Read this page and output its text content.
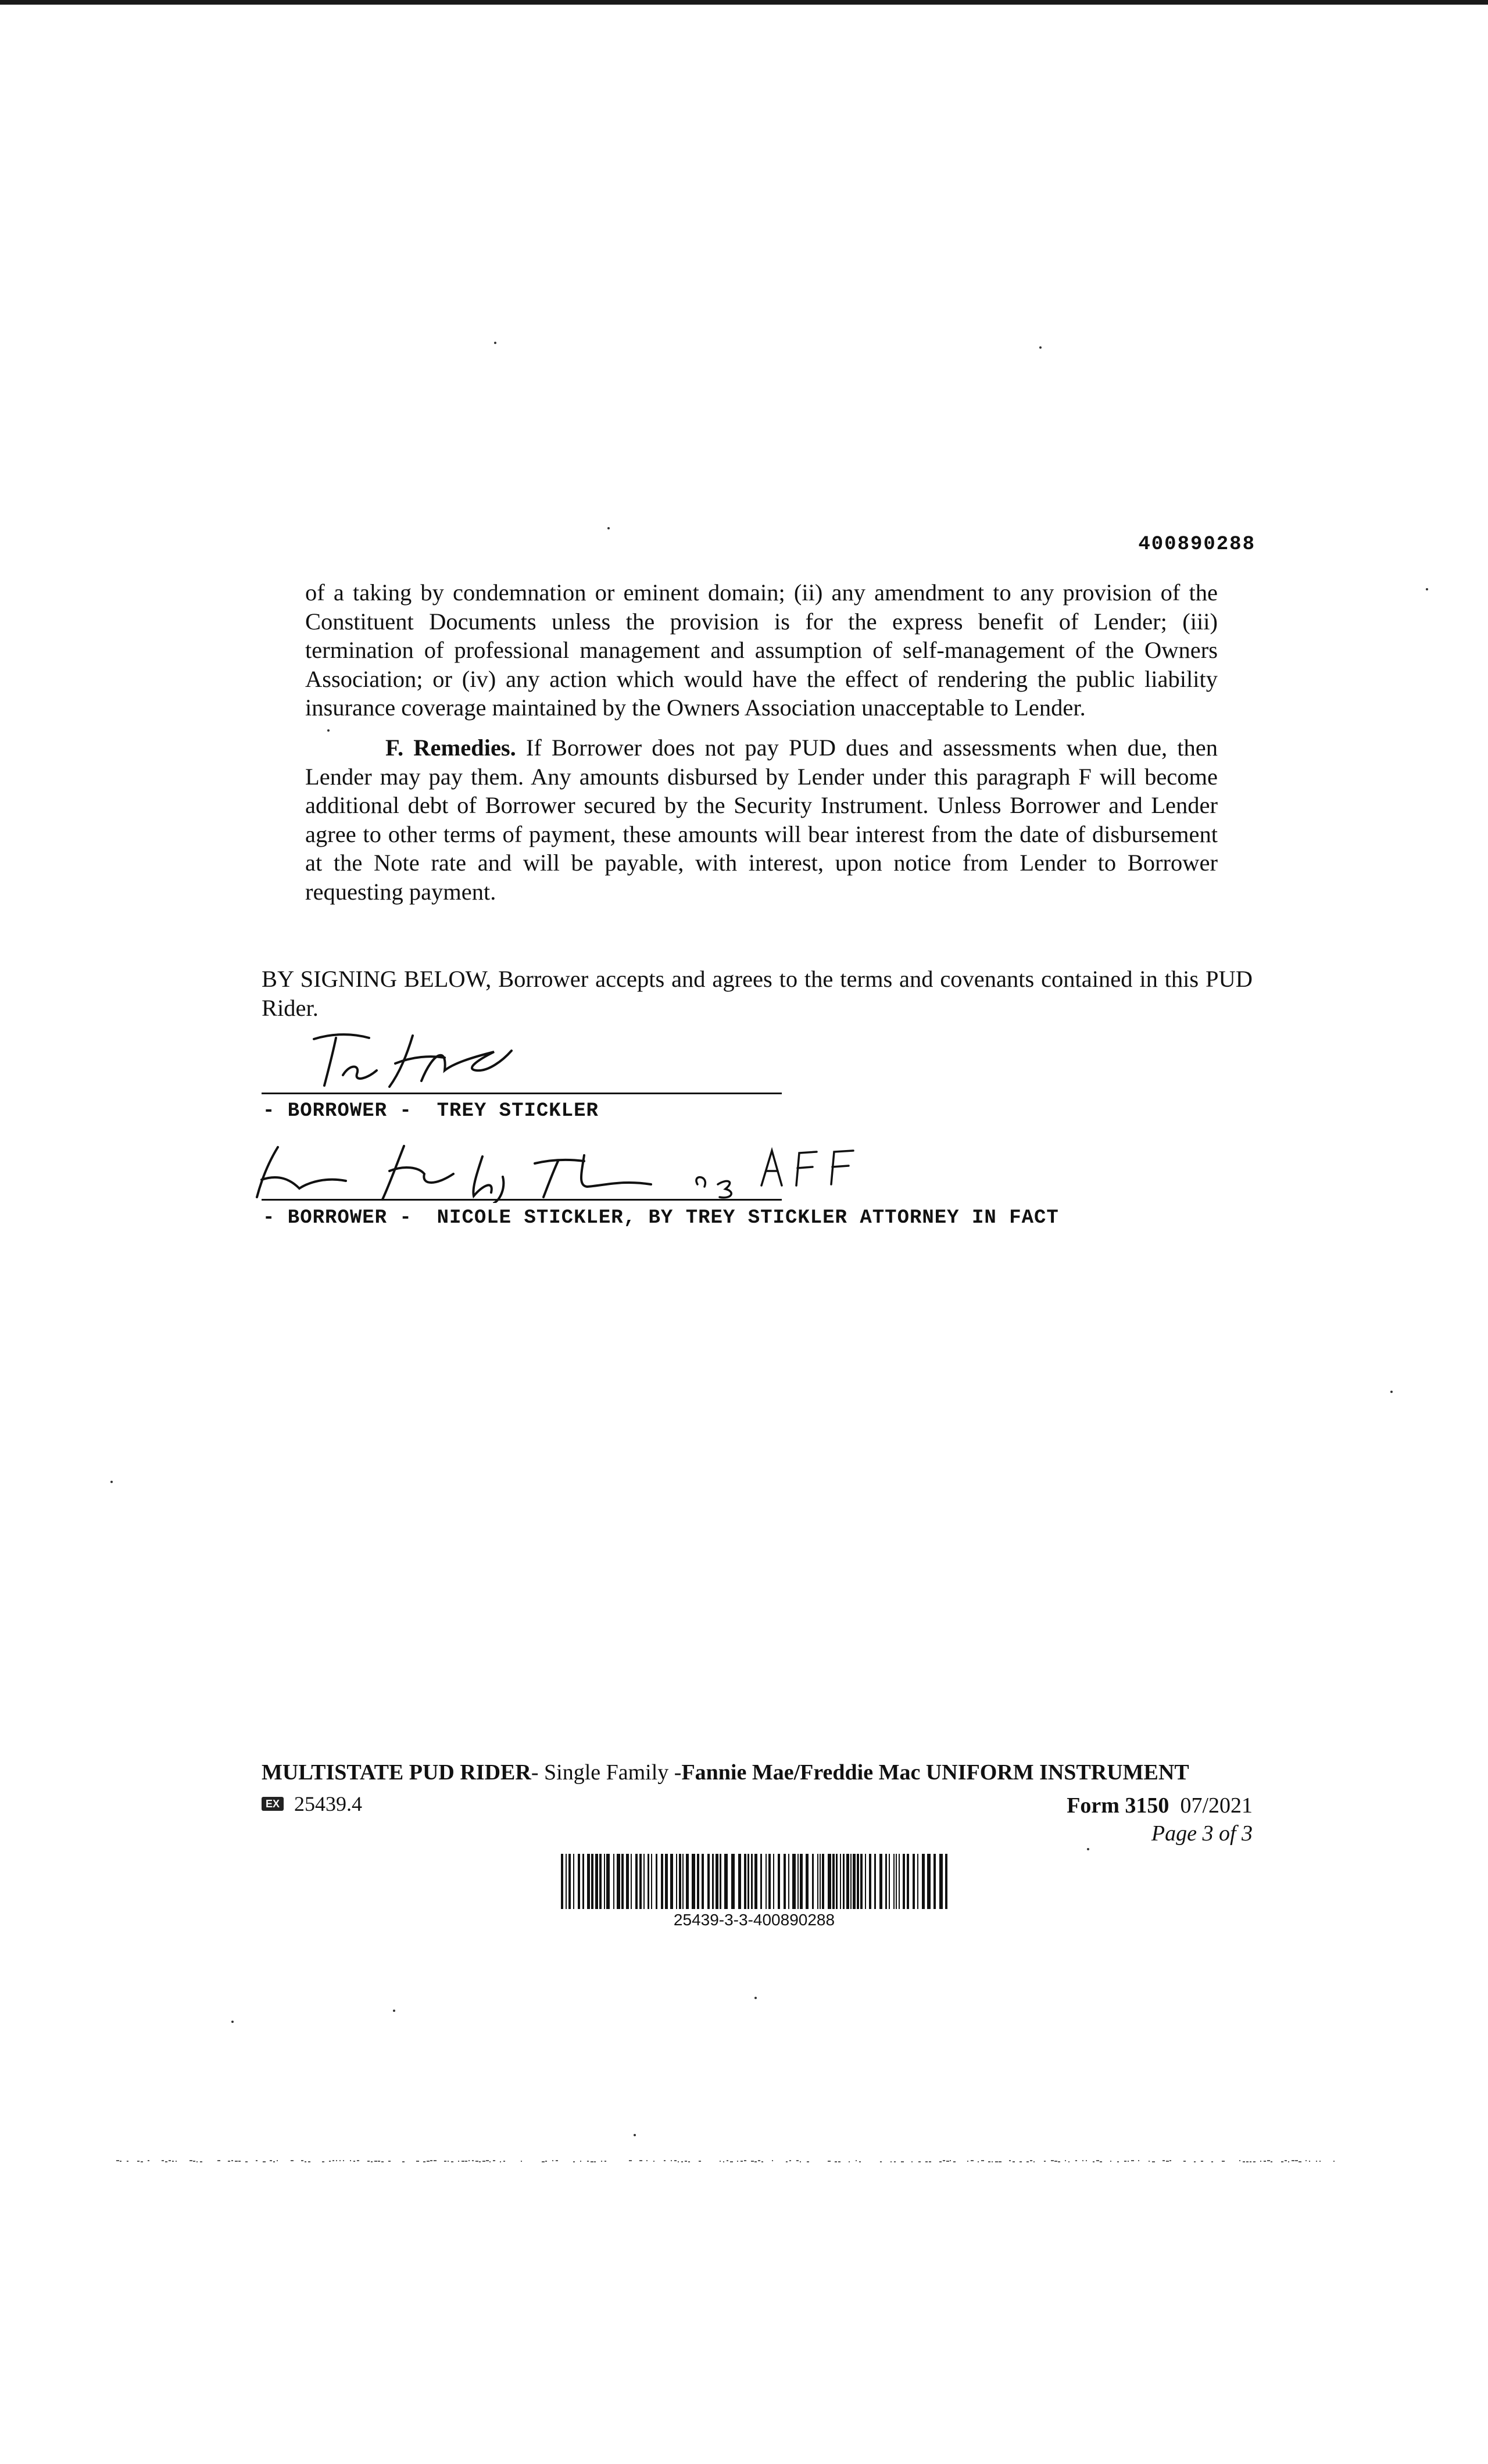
400890288

of a taking by condemnation or eminent domain; (ii) any amendment to any provision of the Constituent Documents unless the provision is for the express benefit of Lender; (iii) termination of professional management and assumption of self-management of the Owners Association; or (iv) any action which would have the effect of rendering the public liability insurance coverage maintained by the Owners Association unacceptable to Lender.

F. Remedies. If Borrower does not pay PUD dues and assessments when due, then Lender may pay them. Any amounts disbursed by Lender under this paragraph F will become additional debt of Borrower secured by the Security Instrument. Unless Borrower and Lender agree to other terms of payment, these amounts will bear interest from the date of disbursement at the Note rate and will be payable, with interest, upon notice from Lender to Borrower requesting payment.

BY SIGNING BELOW, Borrower accepts and agrees to the terms and covenants contained in this PUD Rider.

- BORROWER -  TREY STICKLER
- BORROWER -  NICOLE STICKLER, BY TREY STICKLER ATTORNEY IN FACT
MULTISTATE PUD RIDER- Single Family -Fannie Mae/Freddie Mac UNIFORM INSTRUMENT
EX 25439.4	Form 3150 07/2021
Page 3 of 3
25439-3-3-400890288
